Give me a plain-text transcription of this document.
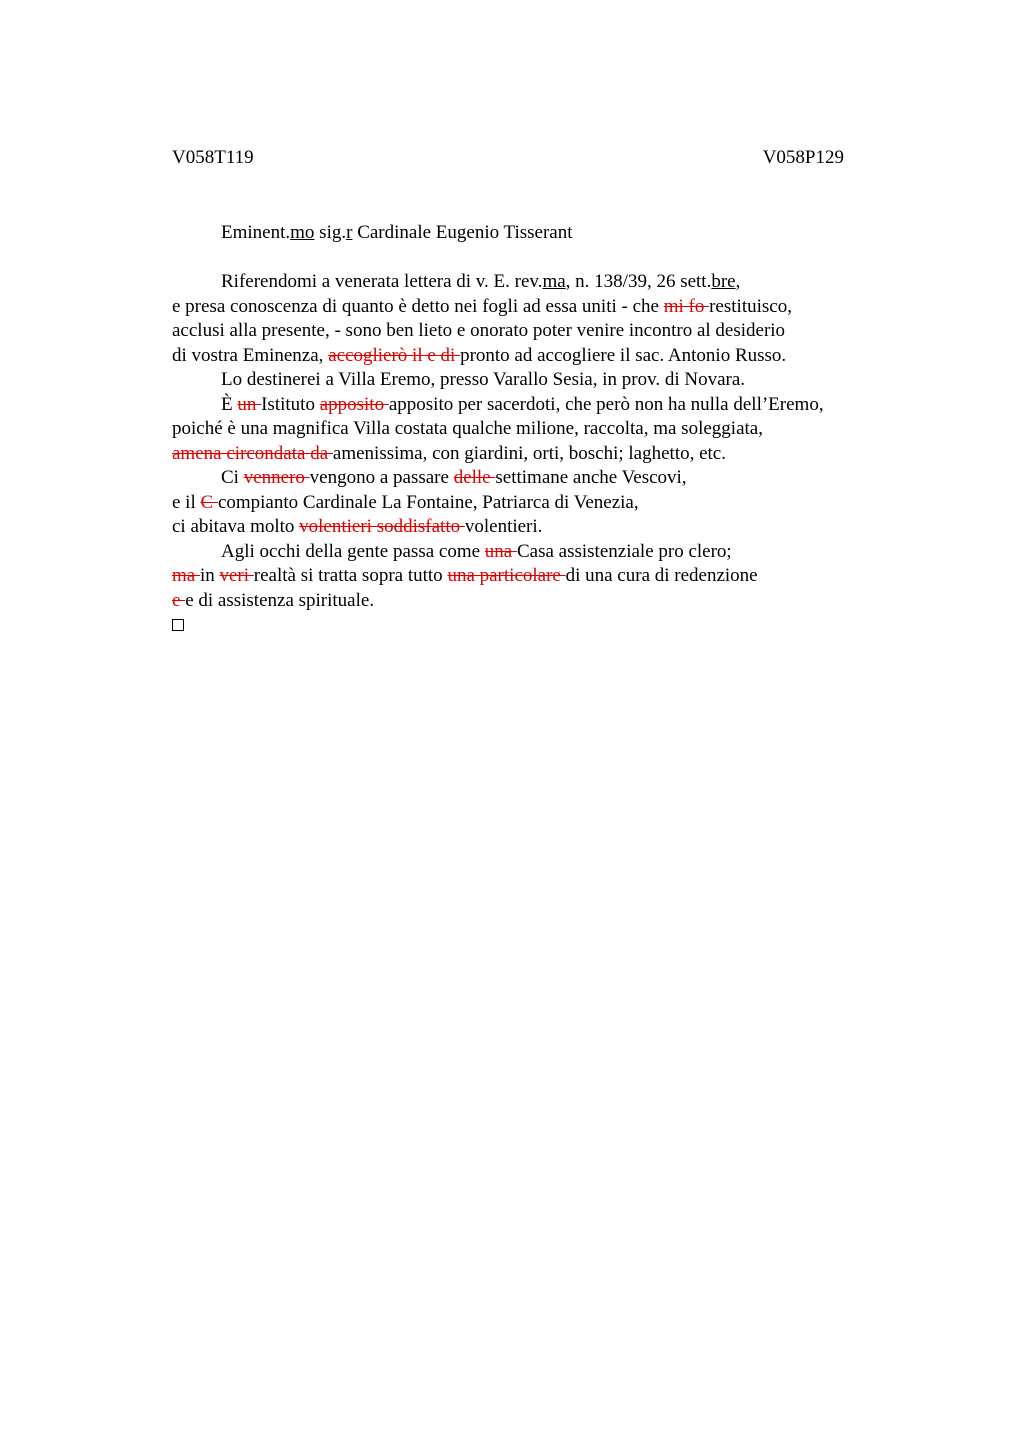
V058T119	V058P129
Eminent.mo sig.r Cardinale Eugenio Tisserant
Riferendomi a venerata lettera di v. E. rev.ma, n. 138/39, 26 sett.bre,
e presa conoscenza di quanto è detto nei fogli ad essa uniti - che mi fo restituisco,
acclusi alla presente, - sono ben lieto e onorato poter venire incontro al desiderio
di vostra Eminenza, accoglierò il e di pronto ad accogliere il sac. Antonio Russo.
Lo destinerei a Villa Eremo, presso Varallo Sesia, in prov. di Novara.
È un Istituto apposito apposito per sacerdoti, che però non ha nulla dell’Eremo,
poiché è una magnifica Villa costata qualche milione, raccolta, ma soleggiata,
amena circondata da amenissima, con giardini, orti, boschi; laghetto, etc.
Ci vennero vengono a passare delle settimane anche Vescovi,
e il C compianto Cardinale La Fontaine, Patriarca di Venezia,
ci abitava molto volentieri soddisfatto volentieri.
Agli occhi della gente passa come una Casa assistenziale pro clero;
ma in veri realtà si tratta sopra tutto una particolare di una cura di redenzione
e e di assistenza spirituale.
